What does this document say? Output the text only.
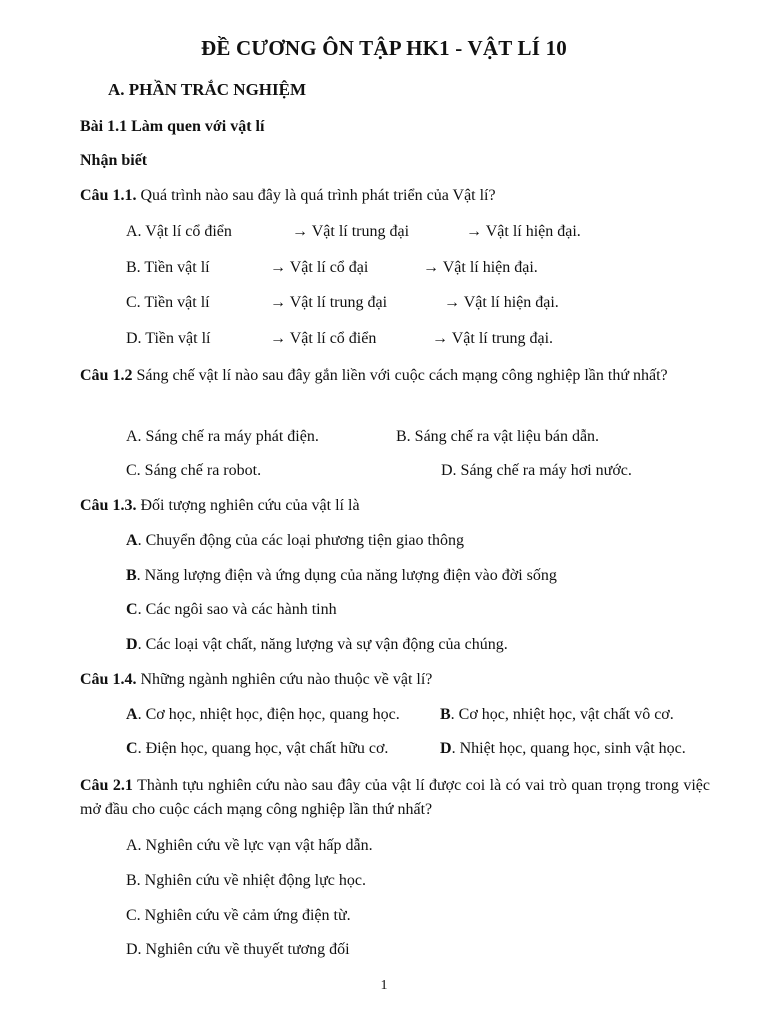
ĐỀ CƯƠNG ÔN TẬP HK1 - VẬT LÍ 10
A. PHẦN TRẮC NGHIỆM
Bài 1.1 Làm quen với vật lí
Nhận biết
Câu 1.1. Quá trình nào sau đây là quá trình phát triển của Vật lí?
A. Vật lí cổ điển	→ Vật lí trung đại	→ Vật lí hiện đại.
B. Tiền vật lí	→ Vật lí cổ đại	→ Vật lí hiện đại.
C. Tiền vật lí	→ Vật lí trung đại	→ Vật lí hiện đại.
D. Tiền vật lí	→ Vật lí cổ điển	→ Vật lí trung đại.
Câu 1.2 Sáng chế vật lí nào sau đây gắn liền với cuộc cách mạng công nghiệp lần thứ nhất?
A. Sáng chế ra máy phát điện.	B. Sáng chế ra vật liệu bán dẫn.
C. Sáng chế ra robot.	D. Sáng chế ra máy hơi nước.
Câu 1.3. Đối tượng nghiên cứu của vật lí là
A. Chuyển động của các loại phương tiện giao thông
B. Năng lượng điện và ứng dụng của năng lượng điện vào đời sống
C. Các ngôi sao và các hành tinh
D. Các loại vật chất, năng lượng và sự vận động của chúng.
Câu 1.4. Những ngành nghiên cứu nào thuộc về vật lí?
A. Cơ học, nhiệt học, điện học, quang học.	B. Cơ học, nhiệt học, vật chất vô cơ.
C. Điện học, quang học, vật chất hữu cơ.	D. Nhiệt học, quang học, sinh vật học.
Câu 2.1 Thành tựu nghiên cứu nào sau đây của vật lí được coi là có vai trò quan trọng trong việc mở đầu cho cuộc cách mạng công nghiệp lần thứ nhất?
A. Nghiên cứu về lực vạn vật hấp dẫn.
B. Nghiên cứu về nhiệt động lực học.
C. Nghiên cứu về cảm ứng điện từ.
D. Nghiên cứu về thuyết tương đối
1
